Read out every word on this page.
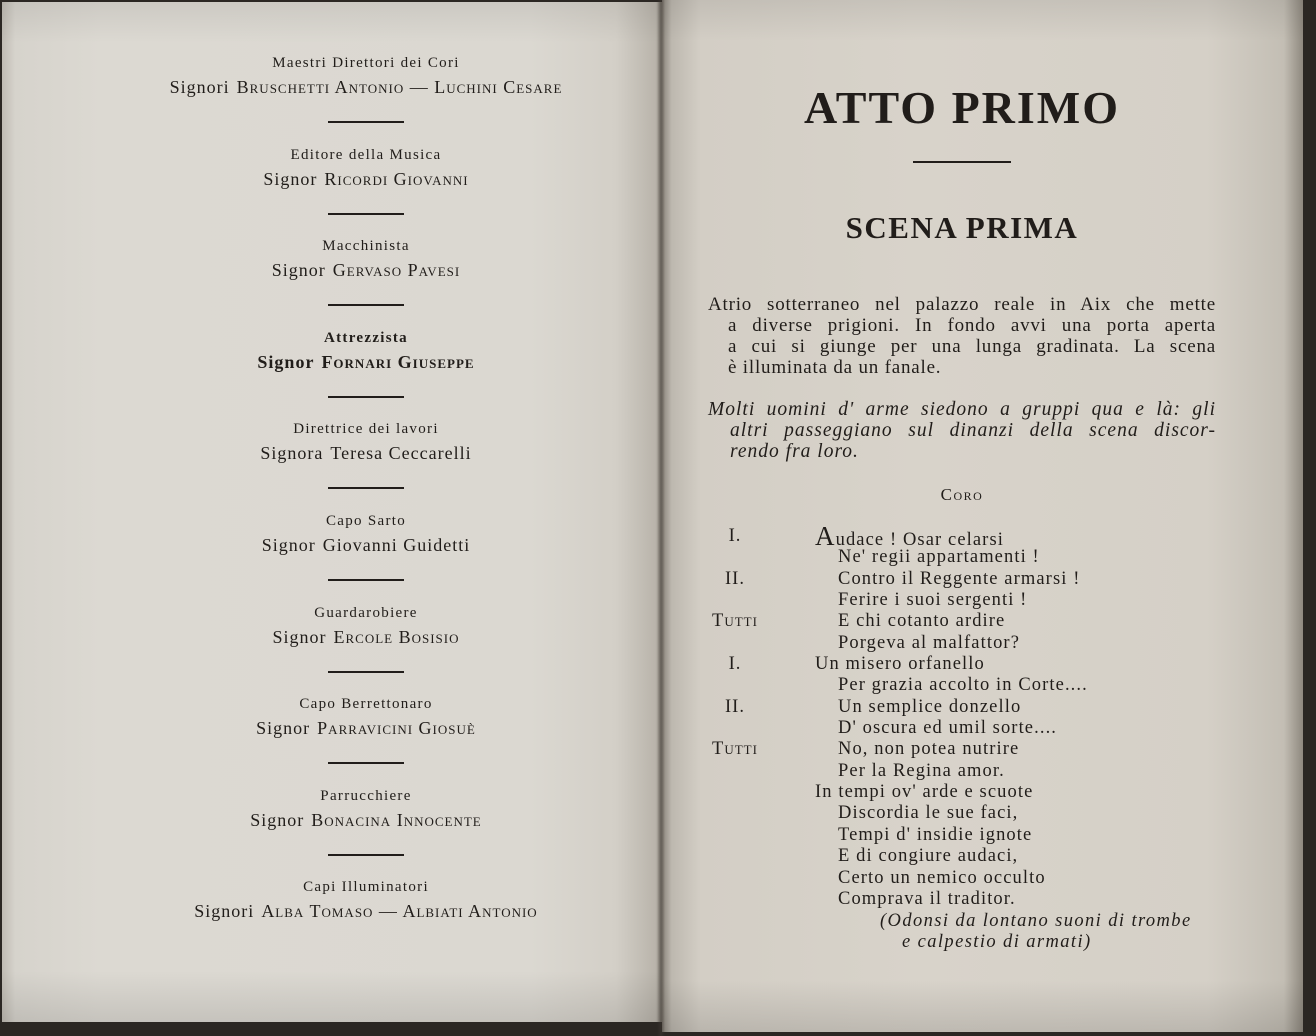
Maestri Direttori dei Cori
Signori Bruschetti Antonio — Luchini Cesare
Editore della Musica
Signor Ricordi Giovanni
Macchinista
Signor Gervaso Pavesi
Attrezzista
Signor Fornari Giuseppe
Direttrice dei lavori
Signora Teresa Ceccarelli
Capo Sarto
Signor Giovanni Guidetti
Guardarobiere
Signor Ercole Bosisio
Capo Berrettonaro
Signor Parravicini Giosuè
Parrucchiere
Signor Bonacina Innocente
Capi Illuminatori
Signori Alba Tomaso — Albiati Antonio
ATTO PRIMO
SCENA PRIMA
Atrio sotterraneo nel palazzo reale in Aix che mette
a diverse prigioni. In fondo avvi una porta aperta
a cui si giunge per una lunga gradinata. La scena
è illuminata da un fanale.
Molti uomini d' arme siedono a gruppi qua e là: gli
altri passeggiano sul dinanzi della scena discor-
rendo fra loro.
Coro
I.	Audace ! Osar celarsi
Ne' regii appartamenti !
II.	Contro il Reggente armarsi !
Ferire i suoi sergenti !
Tutti	E chi cotanto ardire
Porgeva al malfattor?
I.	Un misero orfanello
Per grazia accolto in Corte....
II.	Un semplice donzello
D' oscura ed umil sorte....
Tutti	No, non potea nutrire
Per la Regina amor.
In tempi ov' arde e scuote
Discordia le sue faci,
Tempi d' insidie ignote
E di congiure audaci,
Certo un nemico occulto
Comprava il traditor.
(Odonsi da lontano suoni di trombe
e calpestio di armati)
